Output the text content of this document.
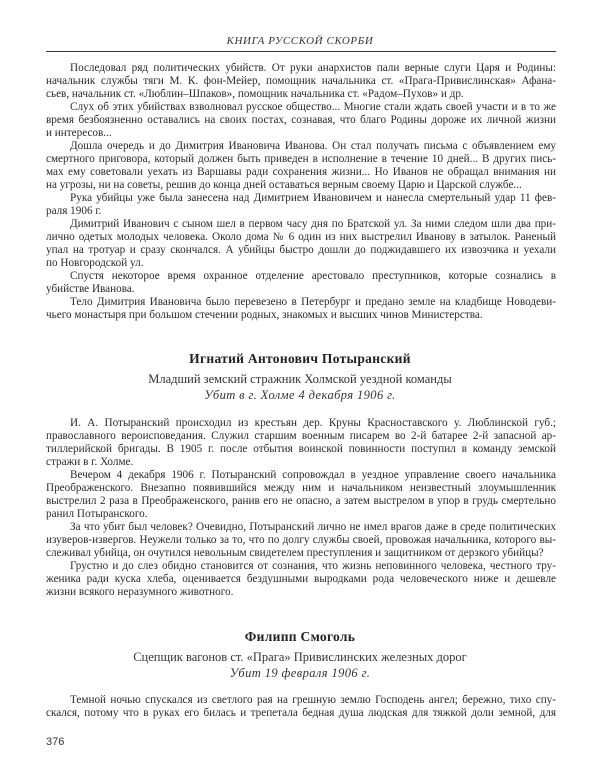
КНИГА РУССКОЙ СКОРБИ
Последовал ряд политических убийств. От руки анархистов пали верные слуги Царя и Родины:
начальник службы тяги М. К. фон-Мейер, помощник начальника ст. «Прага-Привислинская» Афана-
сьев, начальник ст. «Люблин–Шпаков», помощник начальника ст. «Радом–Пухов» и др.
Слух об этих убийствах взволновал русское общество... Многие стали ждать своей участи и в то же
время безбоязненно оставались на своих постах, сознавая, что благо Родины дороже их личной жизни
и интересов...
Дошла очередь и до Димитрия Ивановича Иванова. Он стал получать письма с объявлением ему
смертного приговора, который должен быть приведен в исполнение в течение 10 дней... В других пись-
мах ему советовали уехать из Варшавы ради сохранения жизни... Но Иванов не обращал внимания ни
на угрозы, ни на советы, решив до конца дней оставаться верным своему Царю и Царской службе...
Рука убийцы уже была занесена над Димитрием Ивановичем и нанесла смертельный удар 11 фев-
раля 1906 г.
Димитрий Иванович с сыном шел в первом часу дня по Братской ул. За ними следом шли два при-
лично одетых молодых человека. Около дома № 6 один из них выстрелил Иванову в затылок. Раненый
упал на тротуар и сразу скончался. А убийцы быстро дошли до поджидавшего их извозчика и уехали
по Новгородской ул.
Спустя некоторое время охранное отделение арестовало преступников, которые сознались в
убийстве Иванова.
Тело Димитрия Ивановича было перевезено в Петербург и предано земле на кладбище Новодеви-
чьего монастыря при большом стечении родных, знакомых и высших чинов Министерства.
Игнатий Антонович Потыранский
Младший земский стражник Холмской уездной команды
Убит в г. Холме 4 декабря 1906 г.
И. А. Потыранский происходил из крестьян дер. Круны Красноставского у. Люблинской губ.;
православного вероисповедания. Служил старшим военным писарем во 2-й батарее 2-й запасной ар-
тиллерийской бригады. В 1905 г. после отбытия воинской повинности поступил в команду земской
стражи в г. Холме.
Вечером 4 декабря 1906 г. Потыранский сопровождал в уездное управление своего начальника
Преображенского. Внезапно появившийся между ним и начальником неизвестный злоумышленник
выстрелил 2 раза в Преображенского, ранив его не опасно, а затем выстрелом в упор в грудь смертельно
ранил Потыранского.
За что убит был человек? Очевидно, Потыранский лично не имел врагов даже в среде политических
изуверов-извергов. Неужели только за то, что по долгу службы своей, провожая начальника, которого вы-
слеживал убийца, он очутился невольным свидетелем преступления и защитником от дерзкого убийцы?
Грустно и до слез обидно становится от сознания, что жизнь неповинного человека, честного тру-
женика ради куска хлеба, оценивается бездушными выродками рода человеческого ниже и дешевле
жизни всякого неразумного животного.
Филипп Смоголь
Сцепщик вагонов ст. «Прага» Привислинских железных дорог
Убит 19 февраля 1906 г.
Темной ночью спускался из светлого рая на грешную землю Господень ангел; бережно, тихо спу-
скался, потому что в руках его билась и трепетала бедная душа людская для тяжкой доли земной, для
376
